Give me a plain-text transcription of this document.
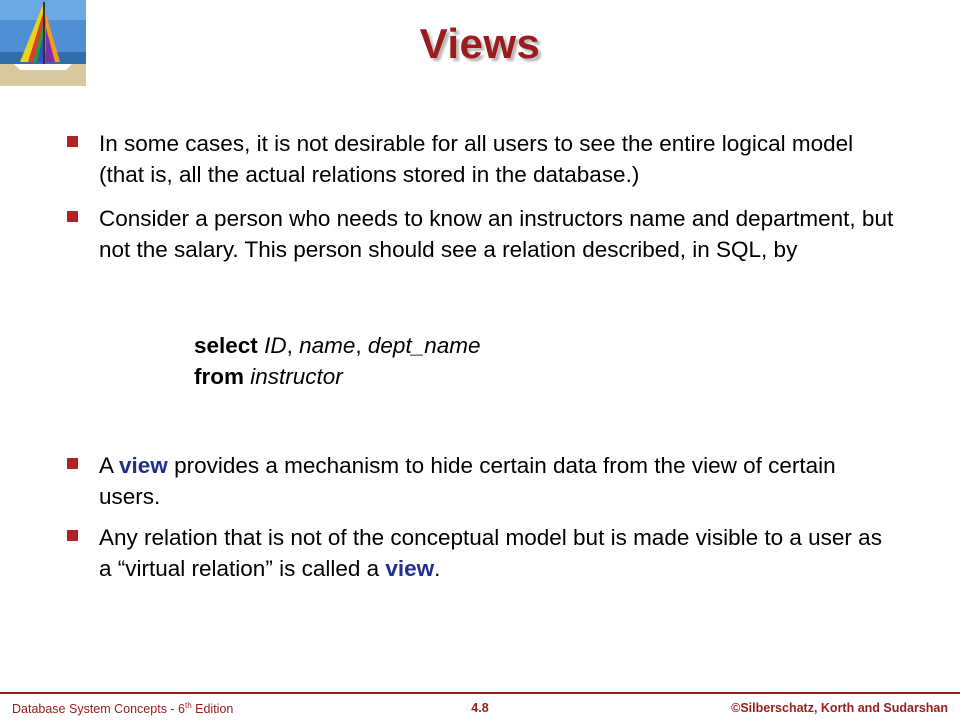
Views
In some cases, it is not desirable for all users to see the entire logical model (that is, all the actual relations stored in the database.)
Consider a person who needs to know an instructors name and department, but not the salary. This person should see a relation described, in SQL, by
select ID, name, dept_name
from instructor
A view provides a mechanism to hide certain data from the view of certain users.
Any relation that is not of the conceptual model but is made visible to a user as a “virtual relation” is called a view.
Database System Concepts - 6th Edition	4.8	©Silberschatz, Korth and Sudarshan
